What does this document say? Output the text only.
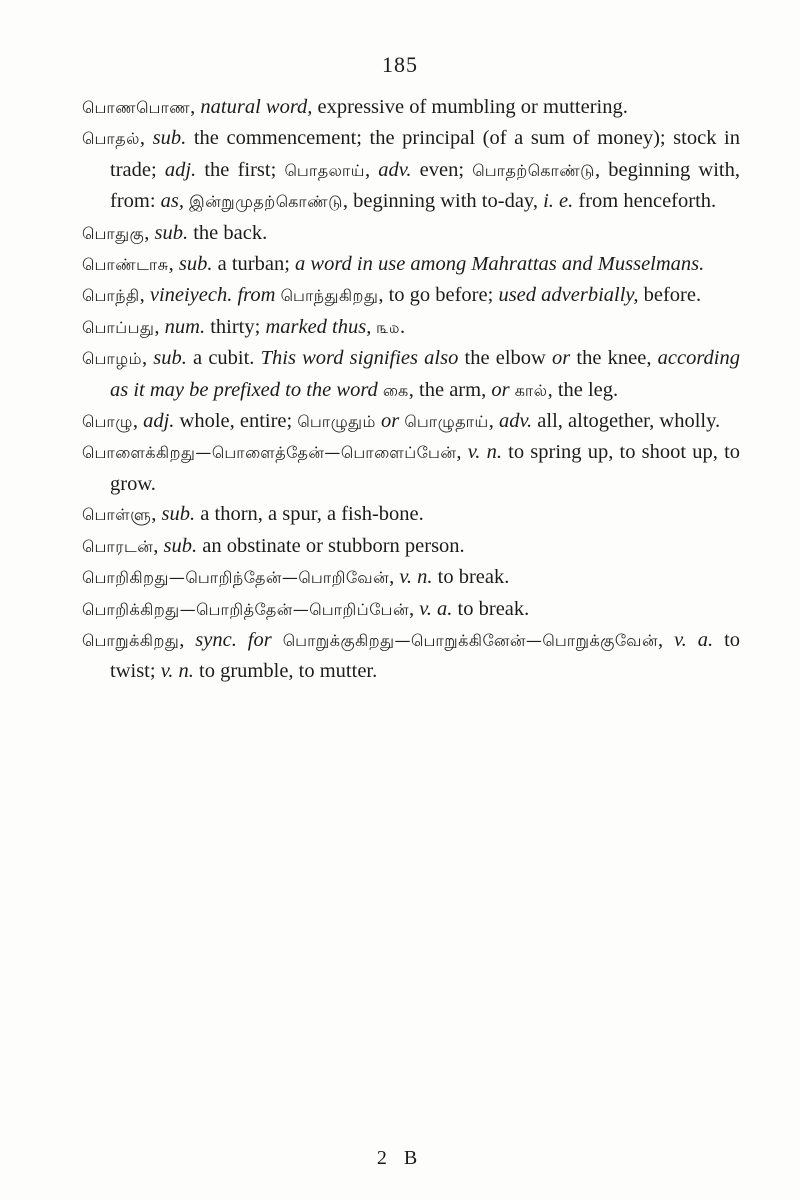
185

பொணபொண, natural word, expressive of mumbling or muttering.

பொதல், sub. the commencement; the principal (of a sum of money); stock in trade; adj. the first; பொதலாய், adv. even; பொதற்கொண்டு, beginning with, from: as, இன்றுமுதற்கொண்டு, beginning with to-day, i. e. from henceforth.

பொதுகு, sub. the back.

பொண்டாசு, sub. a turban; a word in use among Mahrattas and Musselmans.

பொந்தி, vineiyech. from பொந்துகிறது, to go before; used adverbially, before.

பொப்பது, num. thirty; marked thus, ௩௰.

பொழம், sub. a cubit. This word signifies also the elbow or the knee, according as it may be prefixed to the word கை, the arm, or கால், the leg.

பொழு, adj. whole, entire; பொழுதும் or பொழுதாய், adv. all, altogether, wholly.

பொளைக்கிறது—பொளைத்தேன்—பொளைப்பேன், v. n. to spring up, to shoot up, to grow.

பொள்ளு, sub. a thorn, a spur, a fish-bone.

பொரடன், sub. an obstinate or stubborn person.

பொறிகிறது—பொறிந்தேன்—பொறிவேன், v. n. to break.

பொறிக்கிறது—பொறித்தேன்—பொறிப்பேன், v. a. to break.

பொறுக்கிறது, sync. for பொறுக்குகிறது—பொறுக்கினேன்—பொறுக்குவேன், v. a. to twist; v. n. to grumble, to mutter.

2 B
